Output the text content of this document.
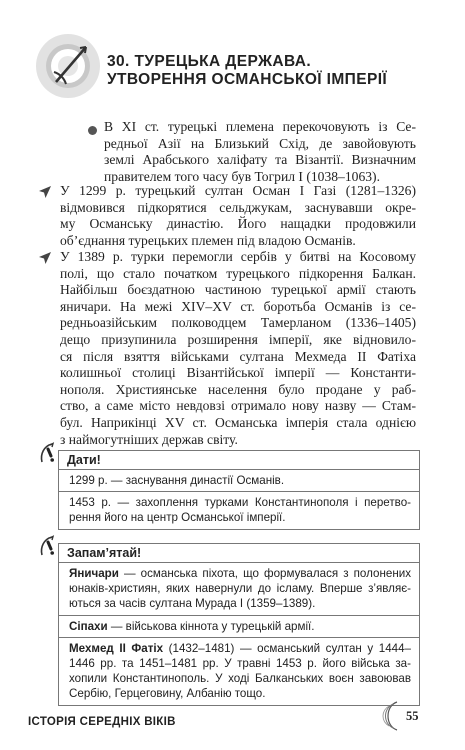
30. ТУРЕЦЬКА ДЕРЖАВА.
УТВОРЕННЯ ОСМАНСЬКОЇ ІМПЕРІЇ
В ХІ ст. турецькі племена перекочовують із Се-
редньої Азії на Близький Схід, де завойовують
землі Арабського халіфату та Візантії. Визначним
правителем того часу був Тогрил І (1038–1063).
У 1299 р. турецький султан Осман І Газі (1281–1326)
відмовився підкорятися сельджукам, заснувавши окре-
му Османську династію. Його нащадки продовжили
об’єднання турецьких племен під владою Османів.
У 1389 р. турки перемогли сербів у битві на Косовому
полі, що стало початком турецького підкорення Балкан.
Найбільш боєздатною частиною турецької армії стають
яничари. На межі XIV–XV ст. боротьба Османів із се-
редньоазійським полководцем Тамерланом (1336–1405)
дещо призупинила розширення імперії, яке відновило-
ся після взяття військами султана Мехмеда II Фатіха
колишньої столиці Візантійської імперії — Константи-
нополя. Християнське населення було продане у раб-
ство, а саме місто невдовзі отримало нову назву — Стам-
бул. Наприкінці XV ст. Османська імперія стала однією
з наймогутніших держав світу.
Дати!
1299 р. — заснування династії Османів.
1453 р. — захоплення турками Константинополя і перетво-
рення його на центр Османської імперії.
Запам’ятай!
Яничари — османська піхота, що формувалася з полонених
юнаків-християн, яких навернули до ісламу. Вперше з’являє-
ються за часів султана Мурада І (1359–1389).
Сіпахи — військова кіннота у турецькій армії.
Мехмед II Фатіх (1432–1481) — османський султан у 1444–
1446 рр. та 1451–1481 рр. У травні 1453 р. його військa за-
хопили Константинополь. У ході Балканських воєн завоював
Сербію, Герцеговину, Албанію тощо.
ІСТОРІЯ СЕРЕДНІХ ВІКІВ	55
